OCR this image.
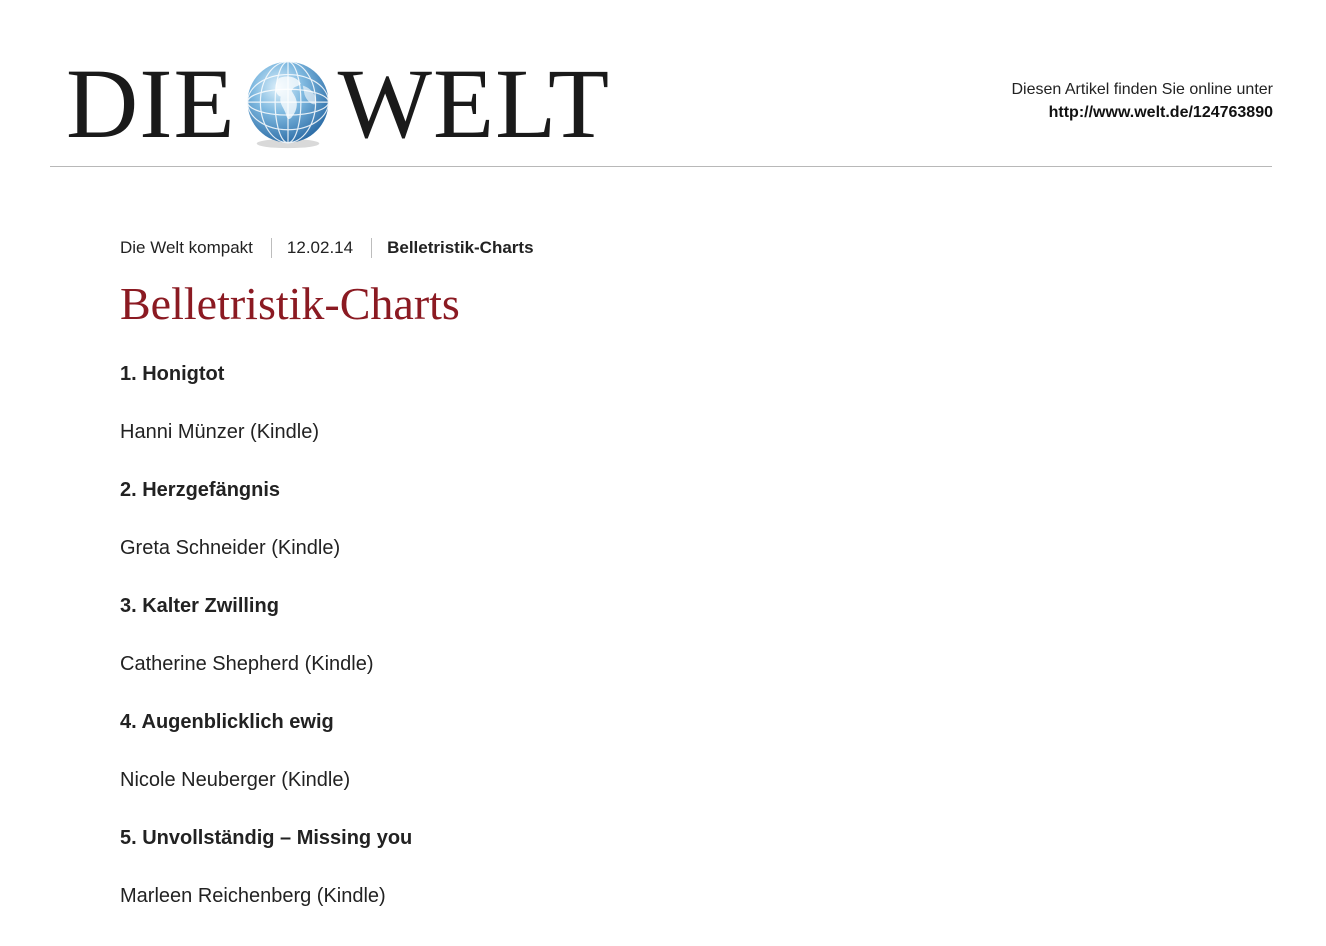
DIE WELT	Diesen Artikel finden Sie online unter
http://www.welt.de/124763890
Die Welt kompakt 12.02.14 Belletristik-Charts
Belletristik-Charts
1. Honigtot
Hanni Münzer (Kindle)
2. Herzgefängnis
Greta Schneider (Kindle)
3. Kalter Zwilling
Catherine Shepherd (Kindle)
4. Augenblicklich ewig
Nicole Neuberger (Kindle)
5. Unvollständig – Missing you
Marleen Reichenberg (Kindle)
